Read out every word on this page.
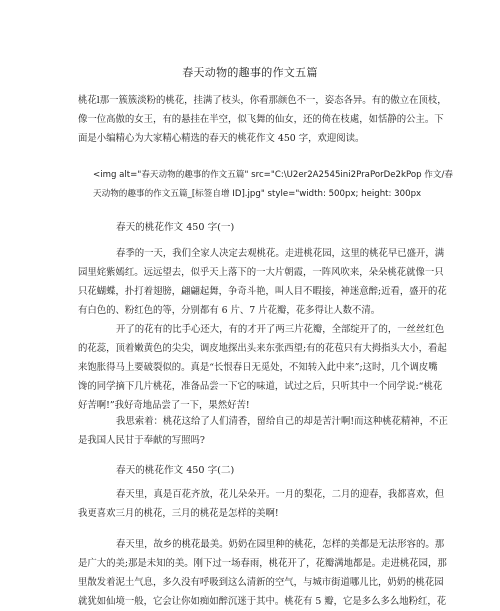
春天动物的趣事的作文五篇
桃花l那一簇簇淡粉的桃花，挂满了枝头，你看那颜色不一，姿态各异。有的傲立在顶枝，
像一位高傲的女王，有的悬挂在半空，似飞舞的仙女，还的倚在枝處，如恬静的公主。下
面是小编精心为大家精心精选的春天的桃花作文 450 字，欢迎阅读。
<img alt="春天动物的趣事的作文五篇" src="C:\U2er2A2545ini2PraPorDe2kPop 作文/春
天动物的趣事的作文五篇_[标签自增 ID].jpg" style="width: 500px; height: 300px
春天的桃花作文 450 字(一)
春季的一天，我们全家人决定去观桃花。走进桃花园，这里的桃花早已盛开，满
园里姹紫嫣红。远远望去，似乎天上落下的一大片朝霞，一阵风吹来，朵朵桃花就像一只
只花蝴蝶，扑打着翅膀，翩翩起舞，争奇斗艳，叫人目不暇接，神迷意醉;近看，盛开的花
有白色的、粉红色的等，分别都有 6 片、7 片花瓣，花多得让人数不清。
开了的花有的比手心还大，有的才开了两三片花瓣，全部绽开了的，一丝丝红色
的花蕊，顶着嫩黄色的尖尖，调皮地探出头来东张西望;有的花苞只有大拇指头大小，看起
来饱胀得马上要破裂似的。真是“长恨春日无觅处，不知转入此中来”;这时，几个调皮嘴
馋的同学摘下几片桃花，准备品尝一下它的味道，试过之后，只听其中一个同学说:“桃花
好苦啊!”我好奇地品尝了一下，果然好苦!
我思索着：桃花这给了人们清香，留给自己的却是苦汁啊!而这种桃花精神，不正
是我国人民甘于奉献的写照吗?
春天的桃花作文 450 字(二)
春天里，真是百花齐放，花儿朵朵开。一月的梨花，二月的迎春，我都喜欢，但
我更喜欢三月的桃花，三月的桃花是怎样的美啊!
春天里，故乡的桃花最美。奶奶在园里种的桃花，怎样的美都是无法形容的。那
是广大的美;那是未知的美。刚下过一场春雨，桃花开了，花瓣满地都是。走进桃花园，那
里散发着泥土气息，多久没有呼吸到这么清新的空气，与城市街道哪儿比，奶奶的桃花园
就犹如仙境一般，它会让你如痴如醉沉迷于其中。桃花有 5 瓣，它是多么多么地粉红，花
